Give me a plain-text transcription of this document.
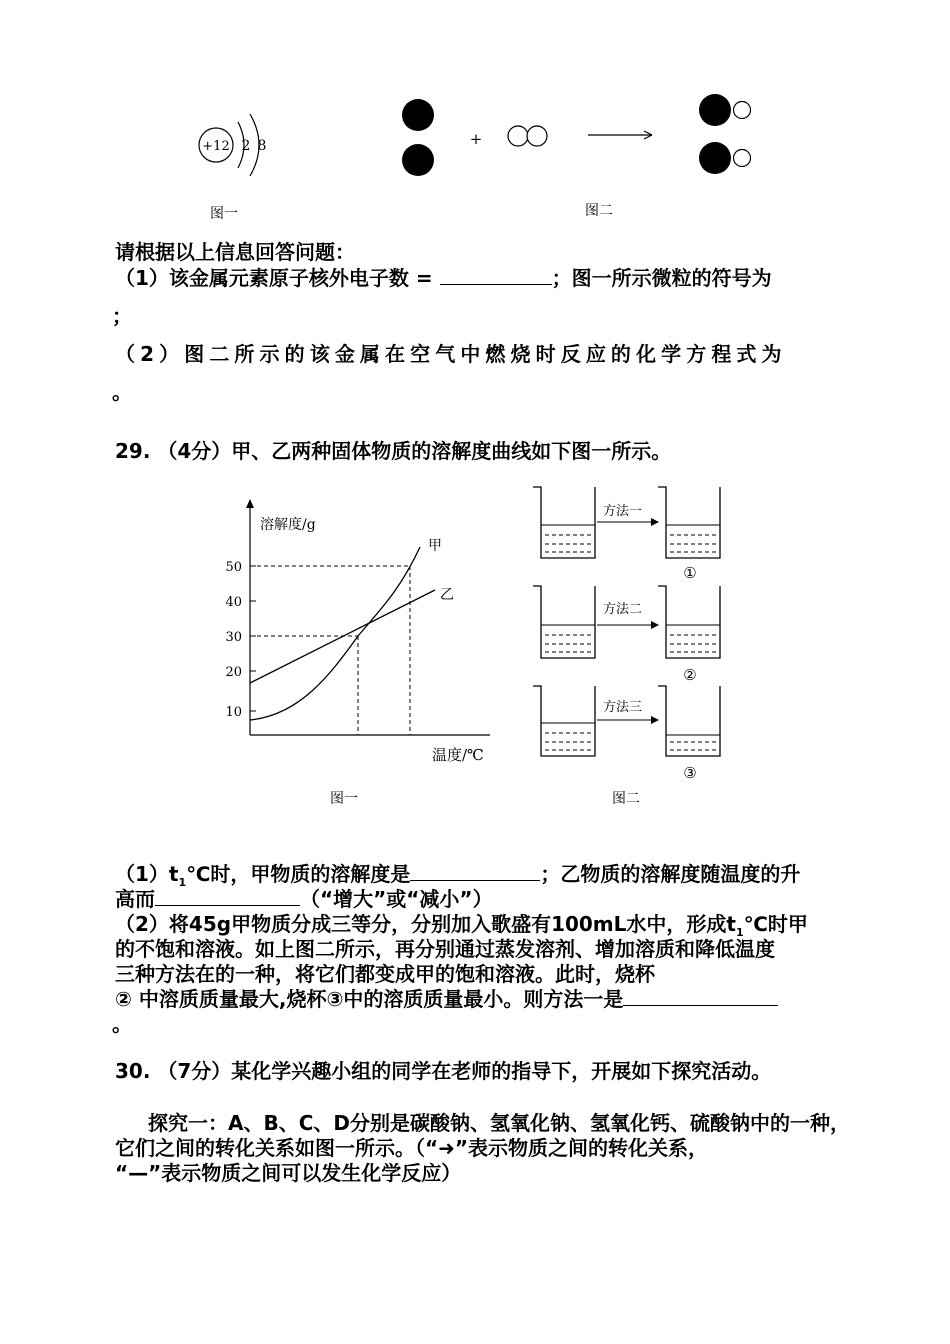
+12 2 8
图一
+
图二
请根据以上信息回答问题：
（1）该金属元素原子核外电子数 =	；图一所示微粒的符号为
；
（2）图二所示的该金属在空气中燃烧时反应的化学方程式为
。
29. （4分）甲、乙两种固体物质的溶解度曲线如下图一所示。
溶解度/g
50
40
30
20
10
甲
乙
温度/℃
图一
方法一
①
方法二
②
方法三
③
图二
$(1)t_1℃$时，甲物质的溶解度是	；乙物质的溶解度随温度的升
高而	（“增大”或“减小”）
（2）将45g甲物质分成三等分，分别加入歌盛有100mL水中，形成$t_1℃$时甲
的不饱和溶液。如上图二所示，再分别通过蒸发溶剂、增加溶质和降低温度
三种方法在的一种，将它们都变成甲的饱和溶液。此时，烧杯
② 中溶质质量最大,烧杯③中的溶质质量最小。则方法一是
。
30. （7分）某化学兴趣小组的同学在老师的指导下，开展如下探究活动。
探究一：A、B、C、D分别是碳酸钠、氢氧化钠、氢氧化钙、硫酸钠中的一种，
它们之间的转化关系如图一所示。（“➜”表示物质之间的转化关系，
“—”表示物质之间可以发生化学反应）
